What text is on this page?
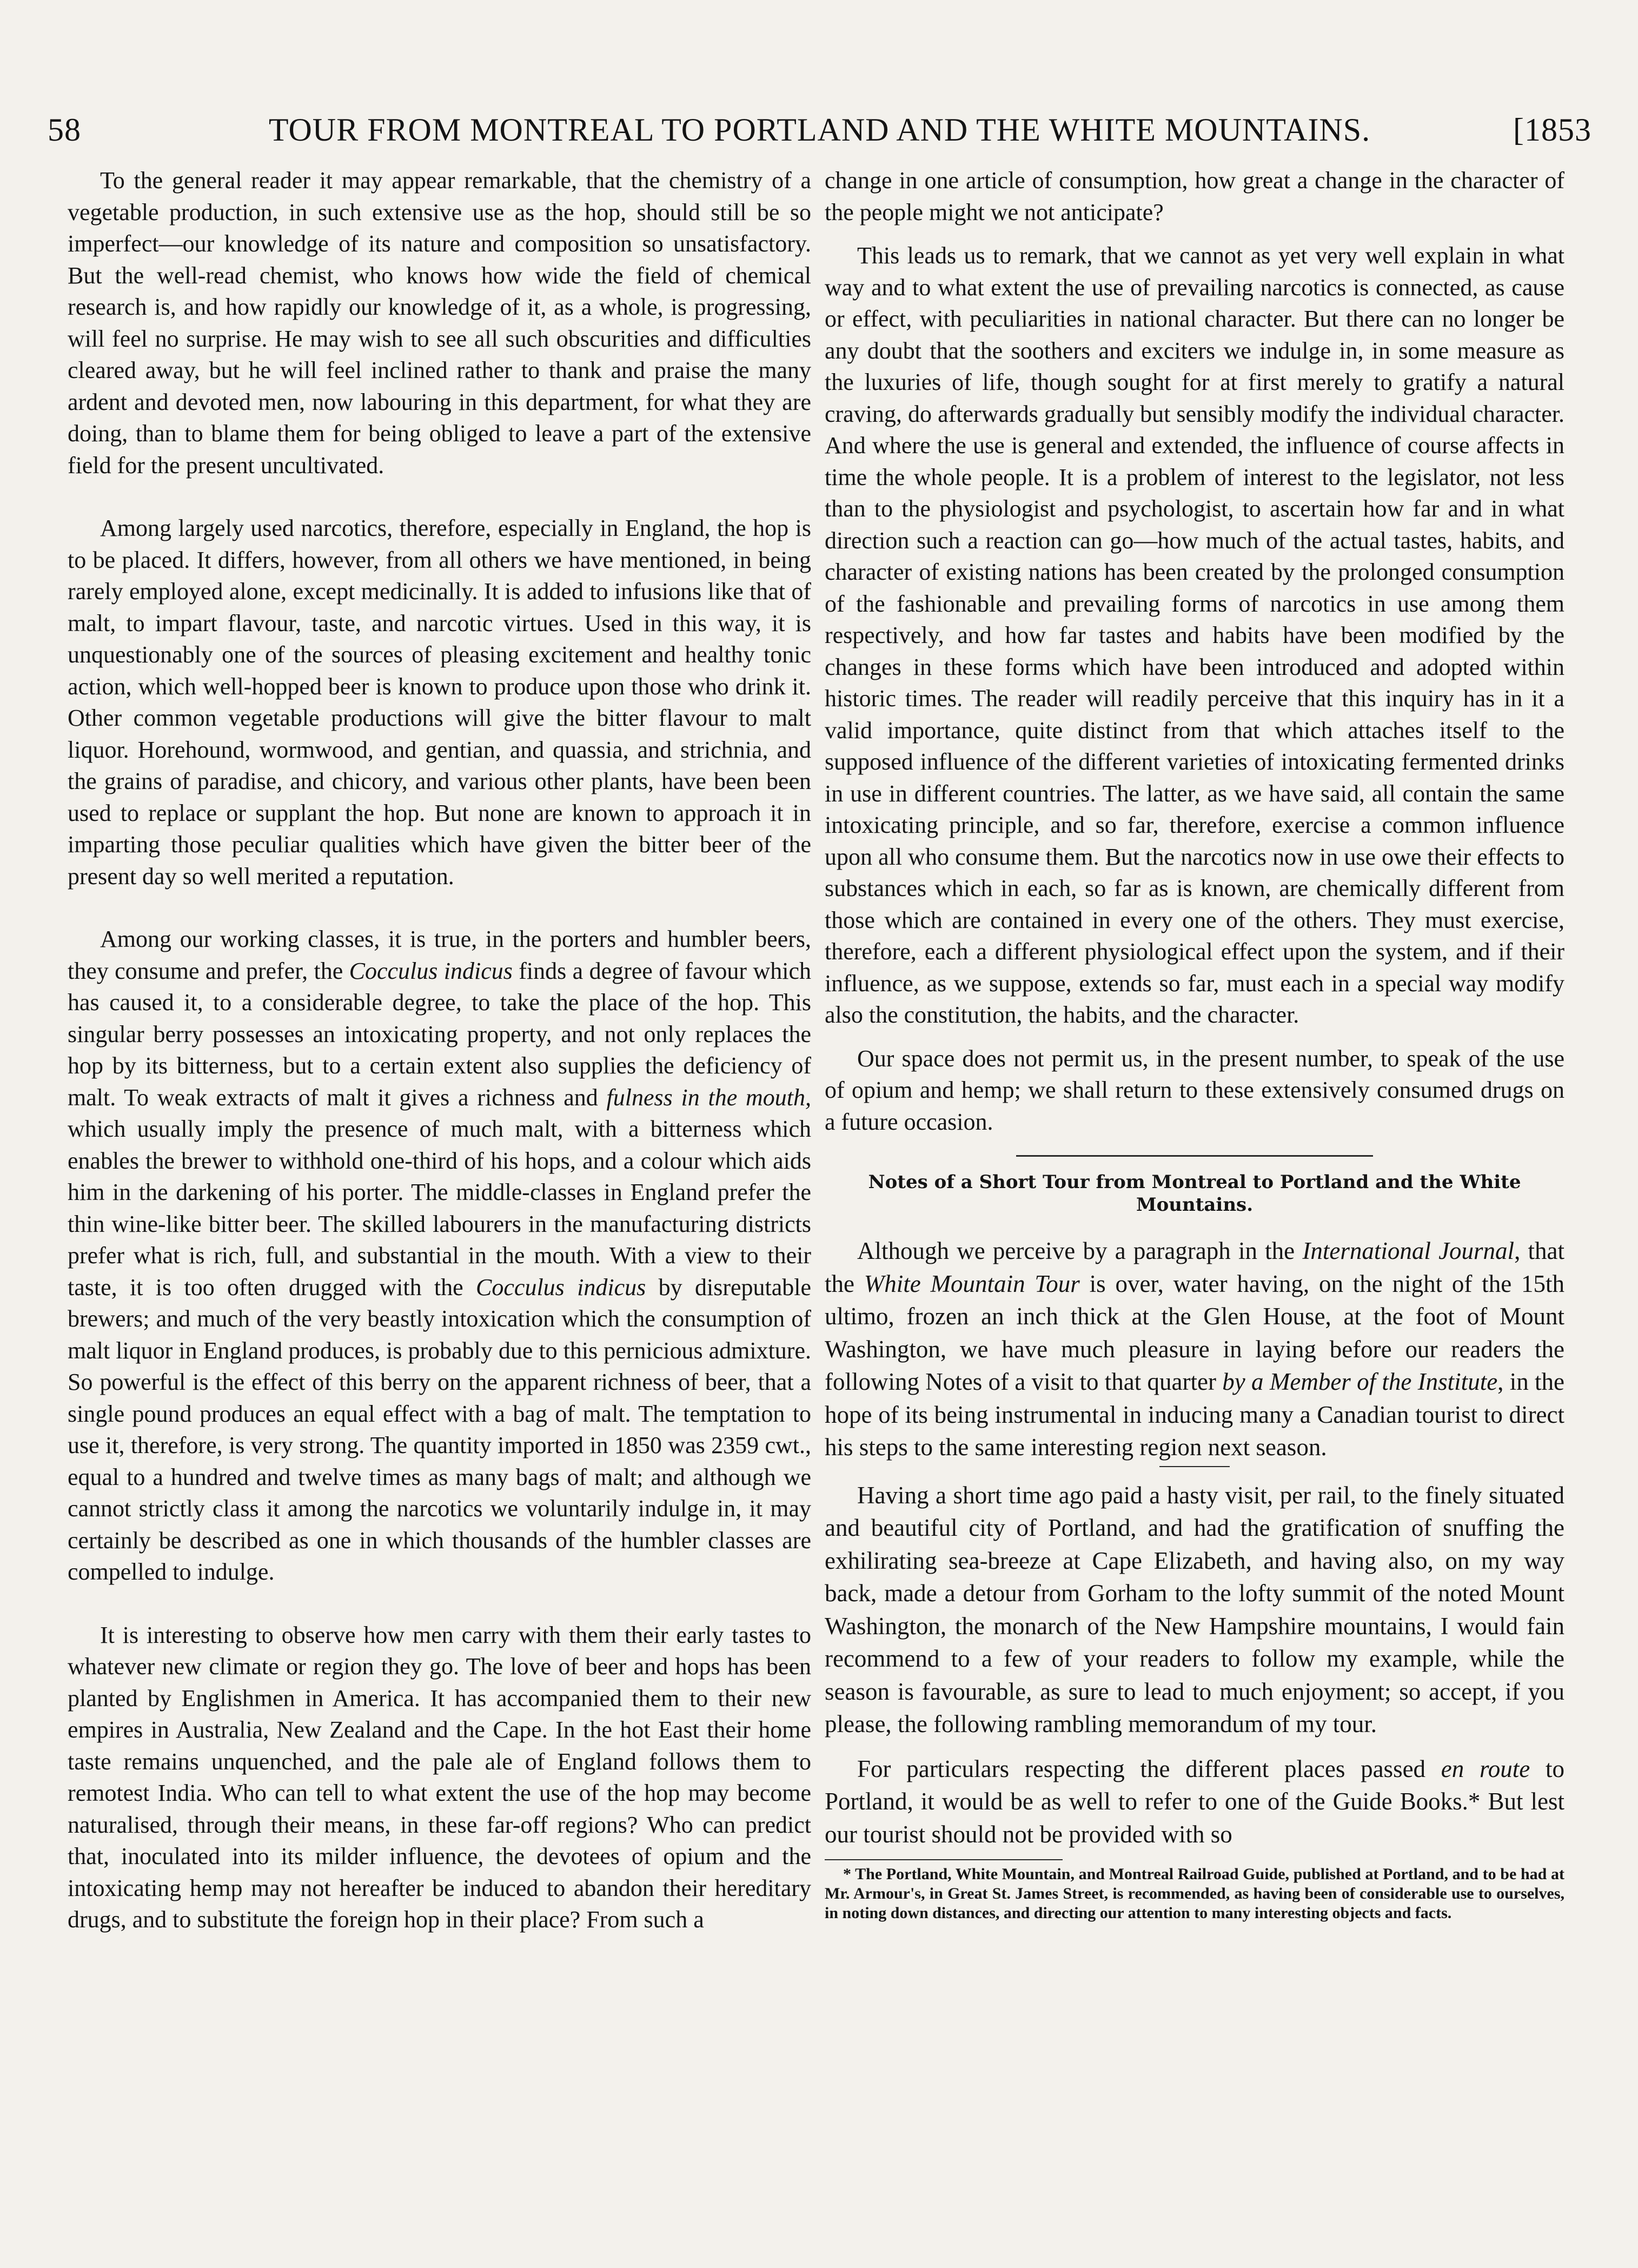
58	TOUR FROM MONTREAL TO PORTLAND AND THE WHITE MOUNTAINS.	[1853

To the general reader it may appear remarkable, that the chemistry of a vegetable production, in such extensive use as the hop, should still be so imperfect—our knowledge of its nature and composition so unsatisfactory. But the well-read chemist, who knows how wide the field of chemical research is, and how rapidly our knowledge of it, as a whole, is progressing, will feel no surprise. He may wish to see all such obscurities and difficulties cleared away, but he will feel inclined rather to thank and praise the many ardent and devoted men, now labouring in this department, for what they are doing, than to blame them for being obliged to leave a part of the extensive field for the present uncultivated.

Among largely used narcotics, therefore, especially in England, the hop is to be placed. It differs, however, from all others we have mentioned, in being rarely employed alone, except medicinally. It is added to infusions like that of malt, to impart flavour, taste, and narcotic virtues. Used in this way, it is unquestionably one of the sources of pleasing excitement and healthy tonic action, which well-hopped beer is known to produce upon those who drink it. Other common vegetable productions will give the bitter flavour to malt liquor. Horehound, wormwood, and gentian, and quassia, and strichnia, and the grains of paradise, and chicory, and various other plants, have been been used to replace or supplant the hop. But none are known to approach it in imparting those peculiar qualities which have given the bitter beer of the present day so well merited a reputation.

Among our working classes, it is true, in the porters and humbler beers, they consume and prefer, the Cocculus indicus finds a degree of favour which has caused it, to a considerable degree, to take the place of the hop. This singular berry possesses an intoxicating property, and not only replaces the hop by its bitterness, but to a certain extent also supplies the deficiency of malt. To weak extracts of malt it gives a richness and fulness in the mouth, which usually imply the presence of much malt, with a bitterness which enables the brewer to withhold one-third of his hops, and a colour which aids him in the darkening of his porter. The middle-classes in England prefer the thin wine-like bitter beer. The skilled labourers in the manufacturing districts prefer what is rich, full, and substantial in the mouth. With a view to their taste, it is too often drugged with the Cocculus indicus by disreputable brewers; and much of the very beastly intoxication which the consumption of malt liquor in England produces, is probably due to this pernicious admixture. So powerful is the effect of this berry on the apparent richness of beer, that a single pound produces an equal effect with a bag of malt. The temptation to use it, therefore, is very strong. The quantity imported in 1850 was 2359 cwt., equal to a hundred and twelve times as many bags of malt; and although we cannot strictly class it among the narcotics we voluntarily indulge in, it may certainly be described as one in which thousands of the humbler classes are compelled to indulge.

It is interesting to observe how men carry with them their early tastes to whatever new climate or region they go. The love of beer and hops has been planted by Englishmen in America. It has accompanied them to their new empires in Australia, New Zealand and the Cape. In the hot East their home taste remains unquenched, and the pale ale of England follows them to remotest India. Who can tell to what extent the use of the hop may become naturalised, through their means, in these far-off regions? Who can predict that, inoculated into its milder influence, the devotees of opium and the intoxicating hemp may not hereafter be induced to abandon their hereditary drugs, and to substitute the foreign hop in their place? From such a

change in one article of consumption, how great a change in the character of the people might we not anticipate?

This leads us to remark, that we cannot as yet very well explain in what way and to what extent the use of prevailing narcotics is connected, as cause or effect, with peculiarities in national character. But there can no longer be any doubt that the soothers and exciters we indulge in, in some measure as the luxuries of life, though sought for at first merely to gratify a natural craving, do afterwards gradually but sensibly modify the individual character. And where the use is general and extended, the influence of course affects in time the whole people. It is a problem of interest to the legislator, not less than to the physiologist and psychologist, to ascertain how far and in what direction such a reaction can go—how much of the actual tastes, habits, and character of existing nations has been created by the prolonged consumption of the fashionable and prevailing forms of narcotics in use among them respectively, and how far tastes and habits have been modified by the changes in these forms which have been introduced and adopted within historic times. The reader will readily perceive that this inquiry has in it a valid importance, quite distinct from that which attaches itself to the supposed influence of the different varieties of intoxicating fermented drinks in use in different countries. The latter, as we have said, all contain the same intoxicating principle, and so far, therefore, exercise a common influence upon all who consume them. But the narcotics now in use owe their effects to substances which in each, so far as is known, are chemically different from those which are contained in every one of the others. They must exercise, therefore, each a different physiological effect upon the system, and if their influence, as we suppose, extends so far, must each in a special way modify also the constitution, the habits, and the character.

Our space does not permit us, in the present number, to speak of the use of opium and hemp; we shall return to these extensively consumed drugs on a future occasion.

Notes of a Short Tour from Montreal to Portland and the White Mountains.

Although we perceive by a paragraph in the International Journal, that the White Mountain Tour is over, water having, on the night of the 15th ultimo, frozen an inch thick at the Glen House, at the foot of Mount Washington, we have much pleasure in laying before our readers the following Notes of a visit to that quarter by a Member of the Institute, in the hope of its being instrumental in inducing many a Canadian tourist to direct his steps to the same interesting region next season.

Having a short time ago paid a hasty visit, per rail, to the finely situated and beautiful city of Portland, and had the gratification of snuffing the exhilirating sea-breeze at Cape Elizabeth, and having also, on my way back, made a detour from Gorham to the lofty summit of the noted Mount Washington, the monarch of the New Hampshire mountains, I would fain recommend to a few of your readers to follow my example, while the season is favourable, as sure to lead to much enjoyment; so accept, if you please, the following rambling memorandum of my tour.

For particulars respecting the different places passed en route to Portland, it would be as well to refer to one of the Guide Books.* But lest our tourist should not be provided with so

* The Portland, White Mountain, and Montreal Railroad Guide, published at Portland, and to be had at Mr. Armour's, in Great St. James Street, is recommended, as having been of considerable use to ourselves, in noting down distances, and directing our attention to many interesting objects and facts.
